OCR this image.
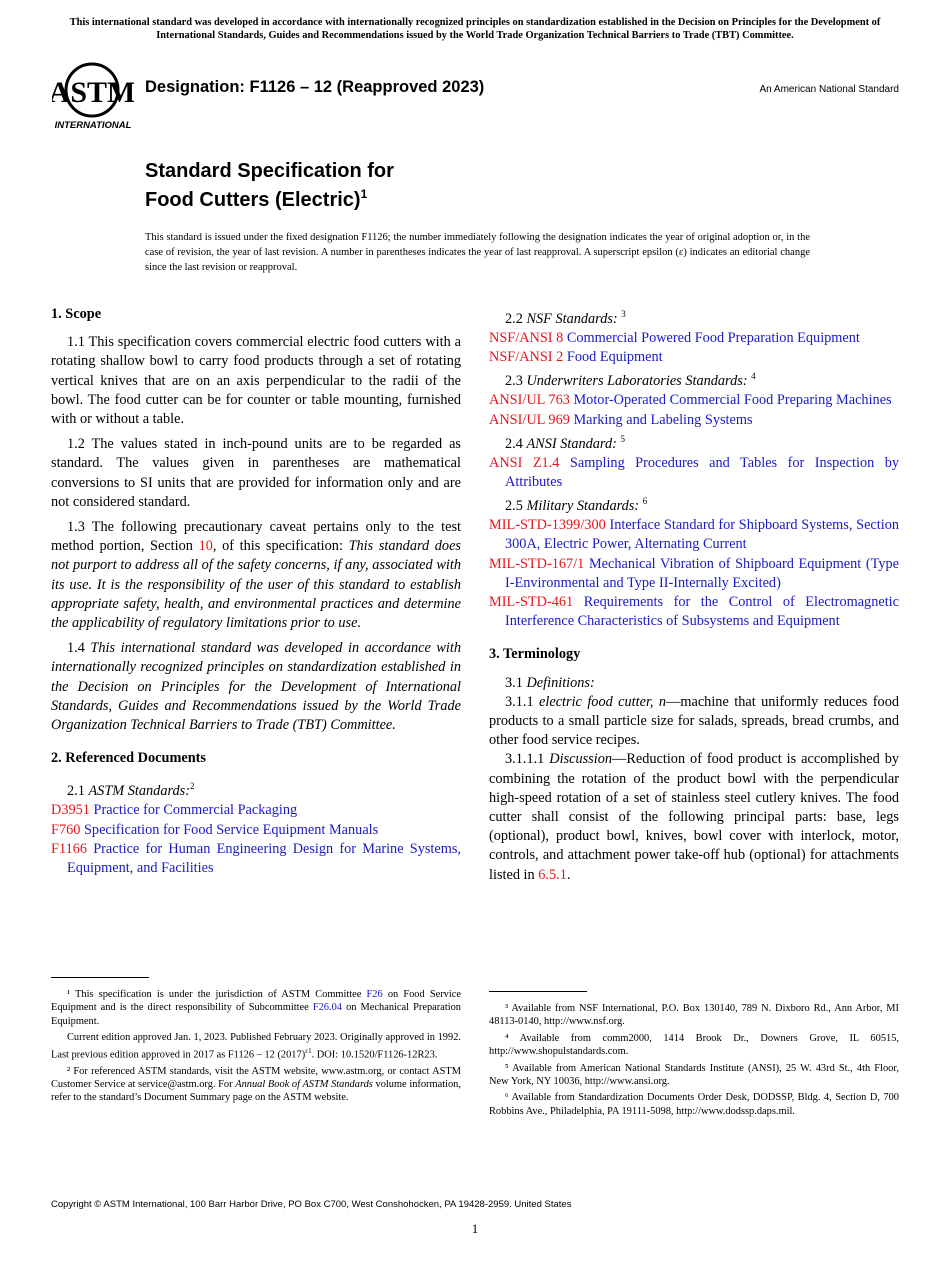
This international standard was developed in accordance with internationally recognized principles on standardization established in the Decision on Principles for the Development of International Standards, Guides and Recommendations issued by the World Trade Organization Technical Barriers to Trade (TBT) Committee.
ASTM
INTERNATIONAL
Designation: F1126 – 12 (Reapproved 2023)	An American National Standard
Standard Specification for
Food Cutters (Electric)$^1$
This standard is issued under the fixed designation F1126; the number immediately following the designation indicates the year of original adoption or, in the case of revision, the year of last revision. A number in parentheses indicates the year of last reapproval. A superscript epsilon (ε) indicates an editorial change since the last revision or reapproval.
1. Scope

1.1 This specification covers commercial electric food cutters with a rotating shallow bowl to carry food products through a set of rotating vertical knives that are on an axis perpendicular to the radii of the bowl. The food cutter can be for counter or table mounting, furnished with or without a table.

1.2 The values stated in inch-pound units are to be regarded as standard. The values given in parentheses are mathematical conversions to SI units that are provided for information only and are not considered standard.

1.3 The following precautionary caveat pertains only to the test method portion, Section 10, of this specification: This standard does not purport to address all of the safety concerns, if any, associated with its use. It is the responsibility of the user of this standard to establish appropriate safety, health, and environmental practices and determine the applicability of regulatory limitations prior to use.

1.4 This international standard was developed in accordance with internationally recognized principles on standardization established in the Decision on Principles for the Development of International Standards, Guides and Recommendations issued by the World Trade Organization Technical Barriers to Trade (TBT) Committee.

2. Referenced Documents

2.1 ASTM Standards:$^2$

D3951 Practice for Commercial Packaging

F760 Specification for Food Service Equipment Manuals

F1166 Practice for Human Engineering Design for Marine Systems, Equipment, and Facilities

¹ This specification is under the jurisdiction of ASTM Committee F26 on Food Service Equipment and is the direct responsibility of Subcommittee F26.04 on Mechanical Preparation Equipment.

Current edition approved Jan. 1, 2023. Published February 2023. Originally approved in 1992. Last previous edition approved in 2017 as F1126 – 12 $(2017)^{\varepsilon 1}$. DOI: 10.1520/F1126-12R23.

² For referenced ASTM standards, visit the ASTM website, www.astm.org, or contact ASTM Customer Service at service@astm.org. For Annual Book of ASTM Standards volume information, refer to the standard’s Document Summary page on the ASTM website.

2.2 NSF Standards: $^3$

NSF/ANSI 8 Commercial Powered Food Preparation Equipment

NSF/ANSI 2 Food Equipment

2.3 Underwriters Laboratories Standards: $^4$

ANSI/UL 763 Motor-Operated Commercial Food Preparing Machines

ANSI/UL 969 Marking and Labeling Systems

2.4 ANSI Standard: $^5$

ANSI Z1.4 Sampling Procedures and Tables for Inspection by Attributes

2.5 Military Standards: $^6$

MIL-STD-1399/300 Interface Standard for Shipboard Systems, Section 300A, Electric Power, Alternating Current

MIL-STD-167/1 Mechanical Vibration of Shipboard Equipment (Type I-Environmental and Type II-Internally Excited)

MIL-STD-461 Requirements for the Control of Electromagnetic Interference Characteristics of Subsystems and Equipment

3. Terminology

3.1 Definitions:

3.1.1 electric food cutter, n—machine that uniformly reduces food products to a small particle size for salads, spreads, bread crumbs, and other food service recipes.

3.1.1.1 Discussion—Reduction of food product is accomplished by combining the rotation of the product bowl with the perpendicular high-speed rotation of a set of stainless steel cutlery knives. The food cutter shall consist of the following principal parts: base, legs (optional), product bowl, knives, bowl cover with interlock, motor, controls, and attachment power take-off hub (optional) for attachments listed in 6.5.1.

³ Available from NSF International, P.O. Box 130140, 789 N. Dixboro Rd., Ann Arbor, MI 48113-0140, http://www.nsf.org.

⁴ Available from comm2000, 1414 Brook Dr., Downers Grove, IL 60515, http://www.shopulstandards.com.

⁵ Available from American National Standards Institute (ANSI), 25 W. 43rd St., 4th Floor, New York, NY 10036, http://www.ansi.org.

⁶ Available from Standardization Documents Order Desk, DODSSP, Bldg. 4, Section D, 700 Robbins Ave., Philadelphia, PA 19111-5098, http://www.dodssp.daps.mil.

Copyright © ASTM International, 100 Barr Harbor Drive, PO Box C700, West Conshohocken, PA 19428-2959. United States
1
